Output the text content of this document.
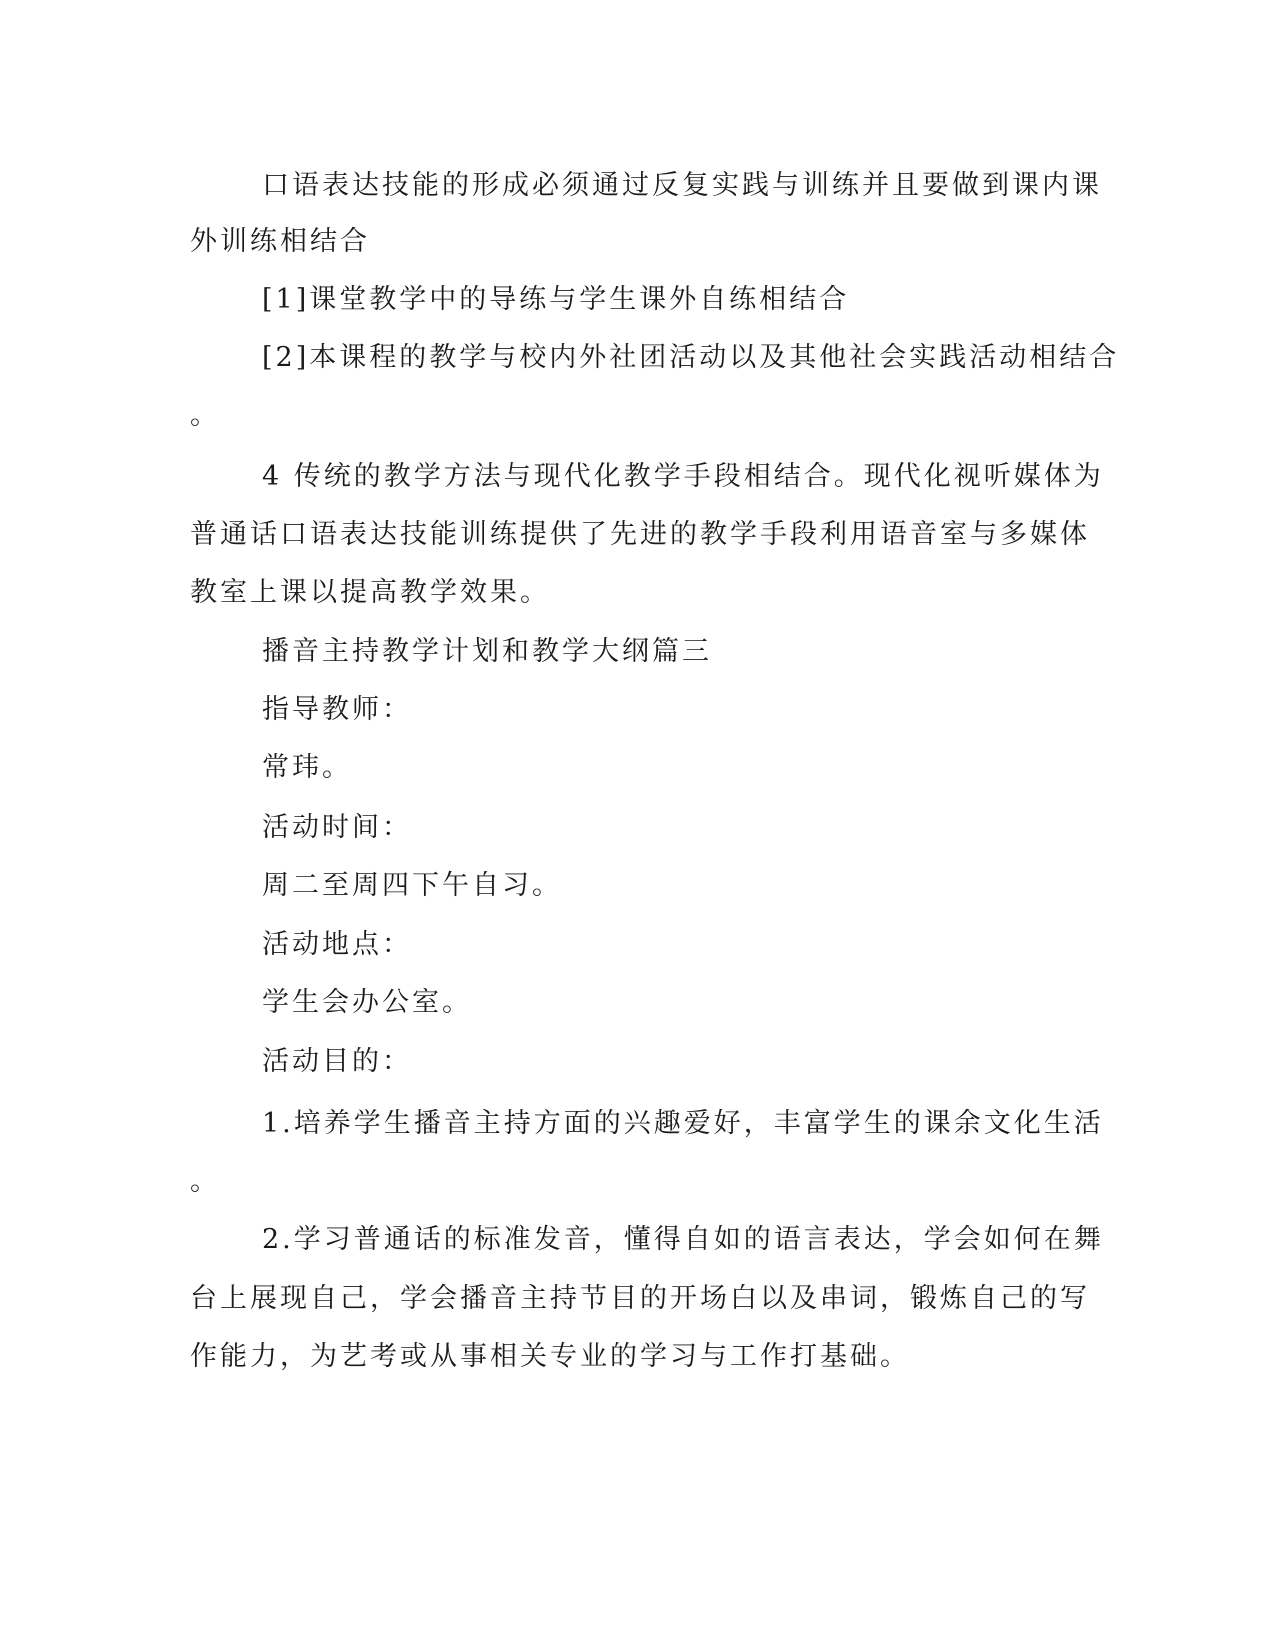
口语表达技能的形成必须通过反复实践与训练并且要做到课内课
外训练相结合
[1]课堂教学中的导练与学生课外自练相结合
[2]本课程的教学与校内外社团活动以及其他社会实践活动相结合
。
4 传统的教学方法与现代化教学手段相结合。现代化视听媒体为
普通话口语表达技能训练提供了先进的教学手段利用语音室与多媒体
教室上课以提高教学效果。
播音主持教学计划和教学大纲篇三
指导教师：
常玮。
活动时间：
周二至周四下午自习。
活动地点：
学生会办公室。
活动目的：
1.培养学生播音主持方面的兴趣爱好，丰富学生的课余文化生活
。
2.学习普通话的标准发音，懂得自如的语言表达，学会如何在舞
台上展现自己，学会播音主持节目的开场白以及串词，锻炼自己的写
作能力，为艺考或从事相关专业的学习与工作打基础。
